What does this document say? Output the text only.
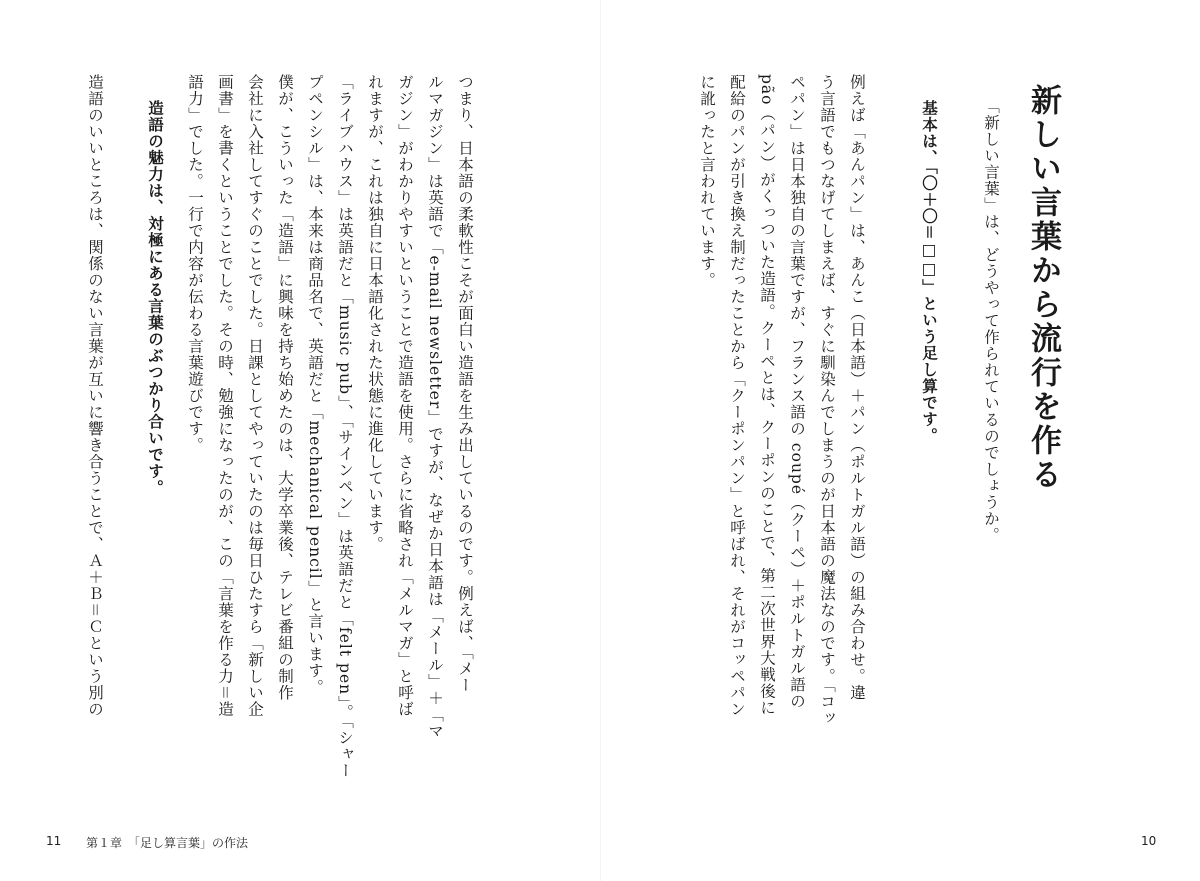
つまり、日本語の柔軟性こそが面白い造語を生み出しているのです。例えば、「メー
ルマガジン」は英語で「e-mail newsletter」ですが、なぜか日本語は「メール」＋「マ
ガジン」がわかりやすいということで造語を使用。さらに省略され「メルマガ」と呼ば
れますが、これは独自に日本語化された状態に進化しています。
「ライブハウス」は英語だと「music pub」、「サインペン」は英語だと「felt pen」。「シャー
プペンシル」は、本来は商品名で、英語だと「mechanical pencil」と言います。
僕が、こういった「造語」に興味を持ち始めたのは、大学卒業後、テレビ番組の制作
会社に入社してすぐのことでした。日課としてやっていたのは毎日ひたすら「新しい企
画書」を書くということでした。その時、勉強になったのが、この「言葉を作る力＝造
語力」でした。一行で内容が伝わる言葉遊びです。

造語の魅力は、対極にある言葉のぶつかり合いです。

造語のいいところは、関係のない言葉が互いに響き合うことで、Ａ＋Ｂ＝Ｃという別の

11 第１章　「足し算言葉」の作法
新しい言葉から流行を作る

「新しい言葉」は、どうやって作られているのでしょうか。

基本は、「〇＋〇＝□□」という足し算です。

例えば「あんパン」は、あんこ（日本語）＋パン（ポルトガル語）の組み合わせ。違
う言語でもつなげてしまえば、すぐに馴染んでしまうのが日本語の魔法なのです。「コッ
ペパン」は日本独自の言葉ですが、フランス語の coupé（クーペ）＋ポルトガル語の
pão（パン）がくっついた造語。クーペとは、クーポンのことで、第二次世界大戦後に
配給のパンが引き換え制だったことから「クーポンパン」と呼ばれ、それがコッペパン
に訛ったと言われています。

10
